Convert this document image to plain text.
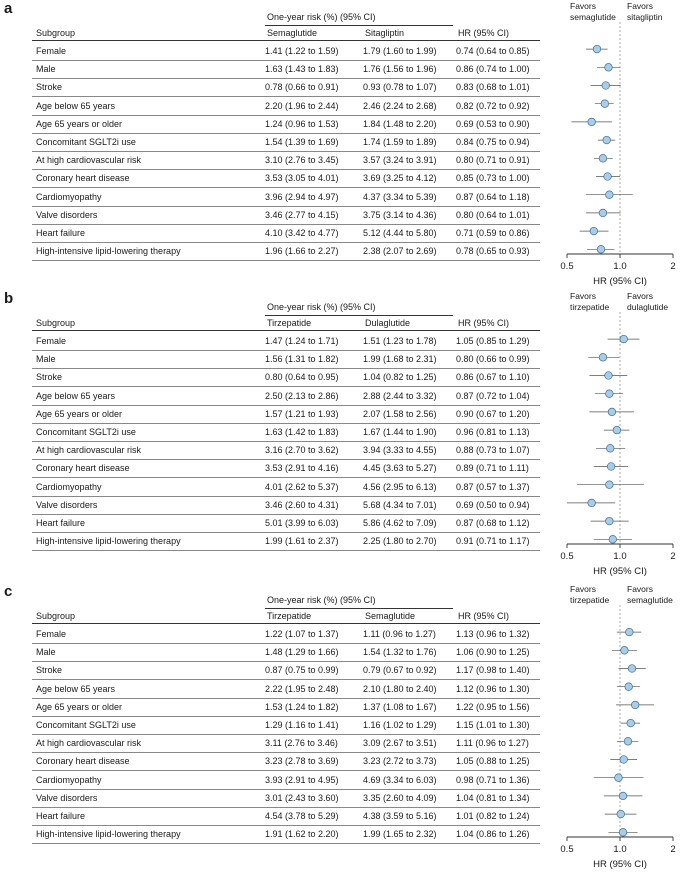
a	One-year risk (%) (95% CI)
Subgroup	Semaglutide	Sitagliptin	HR (95% CI)
Female	1.41 (1.22 to 1.59)	1.79 (1.60 to 1.99) 0.74 (0.64 to 0.85)
Male	1.63 (1.43 to 1.83)	1.76 (1.56 to 1.96) 0.86 (0.74 to 1.00)
Stroke	0.78 (0.66 to 0.91)	0.93 (0.78 to 1.07) 0.83 (0.68 to 1.01)
Age below 65 years	2.20 (1.96 to 2.44)	2.46 (2.24 to 2.68) 0.82 (0.72 to 0.92)
Age 65 years or older	1.24 (0.96 to 1.53)	1.84 (1.48 to 2.20) 0.69 (0.53 to 0.90)
Concomitant SGLT2i use	1.54 (1.39 to 1.69)	1.74 (1.59 to 1.89) 0.84 (0.75 to 0.94)
At high cardiovascular risk	3.10 (2.76 to 3.45)	3.57 (3.24 to 3.91) 0.80 (0.71 to 0.91)
Coronary heart disease	3.53 (3.05 to 4.01)	3.69 (3.25 to 4.12) 0.85 (0.73 to 1.00)
Cardiomyopathy	3.96 (2.94 to 4.97)	4.37 (3.34 to 5.39) 0.87 (0.64 to 1.18)
Valve disorders	3.46 (2.77 to 4.15)	3.75 (3.14 to 4.36) 0.80 (0.64 to 1.01)
Heart failure	4.10 (3.42 to 4.77)	5.12 (4.44 to 5.80) 0.71 (0.59 to 0.86)
High-intensive lipid-lowering therapy	1.96 (1.66 to 2.27)	2.38 (2.07 to 2.69) 0.78 (0.65 to 0.93)
Favors
semaglutide
Favors
sitagliptin
0.5	1.0	2
HR (95% CI)
b	One-year risk (%) (95% CI)
Subgroup	Tirzepatide	Dulaglutide	HR (95% CI)
Female	1.47 (1.24 to 1.71)	1.51 (1.23 to 1.78) 1.05 (0.85 to 1.29)
Male	1.56 (1.31 to 1.82)	1.99 (1.68 to 2.31) 0.80 (0.66 to 0.99)
Stroke	0.80 (0.64 to 0.95)	1.04 (0.82 to 1.25) 0.86 (0.67 to 1.10)
Age below 65 years	2.50 (2.13 to 2.86)	2.88 (2.44 to 3.32) 0.87 (0.72 to 1.04)
Age 65 years or older	1.57 (1.21 to 1.93)	2.07 (1.58 to 2.56) 0.90 (0.67 to 1.20)
Concomitant SGLT2i use	1.63 (1.42 to 1.83)	1.67 (1.44 to 1.90) 0.96 (0.81 to 1.13)
At high cardiovascular risk	3.16 (2.70 to 3.62)	3.94 (3.33 to 4.55) 0.88 (0.73 to 1.07)
Coronary heart disease	3.53 (2.91 to 4.16)	4.45 (3.63 to 5.27) 0.89 (0.71 to 1.11)
Cardiomyopathy	4.01 (2.62 to 5.37)	4.56 (2.95 to 6.13) 0.87 (0.57 to 1.37)
Valve disorders	3.46 (2.60 to 4.31)	5.68 (4.34 to 7.01) 0.69 (0.50 to 0.94)
Heart failure	5.01 (3.99 to 6.03)	5.86 (4.62 to 7.09) 0.87 (0.68 to 1.12)
High-intensive lipid-lowering therapy	1.99 (1.61 to 2.37)	2.25 (1.80 to 2.70) 0.91 (0.71 to 1.17)
Favors
tirzepatide
Favors
dulaglutide
0.5	1.0	2
HR (95% CI)
c	One-year risk (%) (95% CI)
Subgroup	Tirzepatide	Semaglutide	HR (95% CI)
Female	1.22 (1.07 to 1.37)	1.11 (0.96 to 1.27) 1.13 (0.96 to 1.32)
Male	1.48 (1.29 to 1.66)	1.54 (1.32 to 1.76) 1.06 (0.90 to 1.25)
Stroke	0.87 (0.75 to 0.99)	0.79 (0.67 to 0.92) 1.17 (0.98 to 1.40)
Age below 65 years	2.22 (1.95 to 2.48)	2.10 (1.80 to 2.40) 1.12 (0.96 to 1.30)
Age 65 years or older	1.53 (1.24 to 1.82)	1.37 (1.08 to 1.67) 1.22 (0.95 to 1.56)
Concomitant SGLT2i use	1.29 (1.16 to 1.41)	1.16 (1.02 to 1.29) 1.15 (1.01 to 1.30)
At high cardiovascular risk	3.11 (2.76 to 3.46)	3.09 (2.67 to 3.51) 1.11 (0.96 to 1.27)
Coronary heart disease	3.23 (2.78 to 3.69)	3.23 (2.72 to 3.73) 1.05 (0.88 to 1.25)
Cardiomyopathy	3.93 (2.91 to 4.95)	4.69 (3.34 to 6.03) 0.98 (0.71 to 1.36)
Valve disorders	3.01 (2.43 to 3.60)	3.35 (2.60 to 4.09) 1.04 (0.81 to 1.34)
Heart failure	4.54 (3.78 to 5.29)	4.38 (3.59 to 5.16) 1.01 (0.82 to 1.24)
High-intensive lipid-lowering therapy	1.91 (1.62 to 2.20)	1.99 (1.65 to 2.32) 1.04 (0.86 to 1.26)
Favors
tirzepatide
Favors
semaglutide
0.5	1.0	2
HR (95% CI)
